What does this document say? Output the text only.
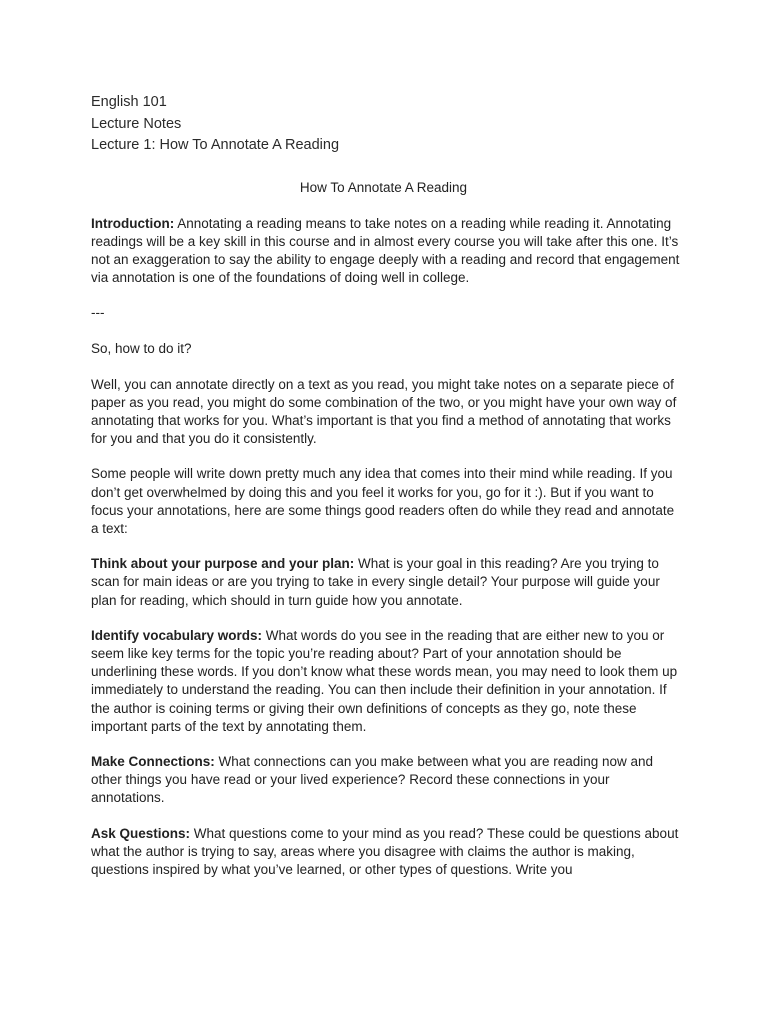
English 101
Lecture Notes
Lecture 1: How To Annotate A Reading
How To Annotate A Reading

Introduction: Annotating a reading means to take notes on a reading while reading it. Annotating readings will be a key skill in this course and in almost every course you will take after this one. It’s not an exaggeration to say the ability to engage deeply with a reading and record that engagement via annotation is one of the foundations of doing well in college.

---

So, how to do it?

Well, you can annotate directly on a text as you read, you might take notes on a separate piece of paper as you read, you might do some combination of the two, or you might have your own way of annotating that works for you. What’s important is that you find a method of annotating that works for you and that you do it consistently.

Some people will write down pretty much any idea that comes into their mind while reading. If you don’t get overwhelmed by doing this and you feel it works for you, go for it :). But if you want to focus your annotations, here are some things good readers often do while they read and annotate a text:

Think about your purpose and your plan: What is your goal in this reading? Are you trying to scan for main ideas or are you trying to take in every single detail? Your purpose will guide your plan for reading, which should in turn guide how you annotate.

Identify vocabulary words: What words do you see in the reading that are either new to you or seem like key terms for the topic you’re reading about? Part of your annotation should be underlining these words. If you don’t know what these words mean, you may need to look them up immediately to understand the reading. You can then include their definition in your annotation. If the author is coining terms or giving their own definitions of concepts as they go, note these important parts of the text by annotating them.

Make Connections: What connections can you make between what you are reading now and other things you have read or your lived experience? Record these connections in your annotations.

Ask Questions: What questions come to your mind as you read? These could be questions about what the author is trying to say, areas where you disagree with claims the author is making, questions inspired by what you’ve learned, or other types of questions. Write you
